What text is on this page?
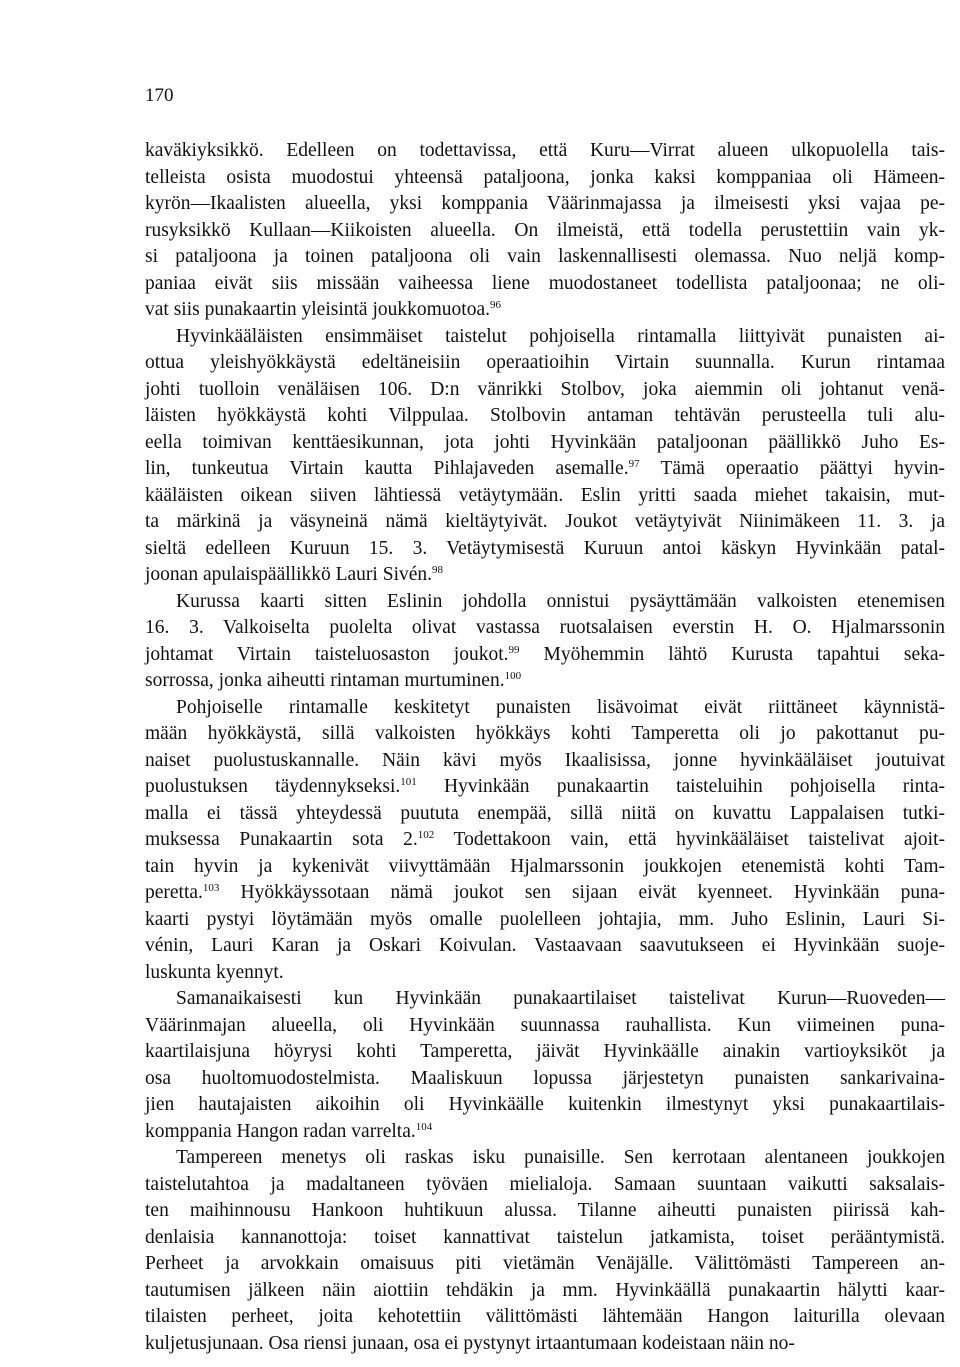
170

kaväkiyksikkö. Edelleen on todettavissa, että Kuru—Virrat alueen ulkopuolella tais-
telleista osista muodostui yhteensä pataljoona, jonka kaksi komppaniaa oli Hämeen-
kyrön—Ikaalisten alueella, yksi komppania Väärinmajassa ja ilmeisesti yksi vajaa pe-
rusyksikkö Kullaan—Kiikoisten alueella. On ilmeistä, että todella perustettiin vain yk-
si pataljoona ja toinen pataljoona oli vain laskennallisesti olemassa. Nuo neljä komp-
paniaa eivät siis missään vaiheessa liene muodostaneet todellista pataljoonaa; ne oli-
vat siis punakaartin yleisintä joukkomuotoa.$^{96}$

Hyvinkääläisten ensimmäiset taistelut pohjoisella rintamalla liittyivät punaisten ai-
ottua yleishyökkäystä edeltäneisiin operaatioihin Virtain suunnalla. Kurun rintamaa
johti tuolloin venäläisen 106. D:n vänrikki Stolbov, joka aiemmin oli johtanut venä-
läisten hyökkäystä kohti Vilppulaa. Stolbovin antaman tehtävän perusteella tuli alu-
eella toimivan kenttäesikunnan, jota johti Hyvinkään pataljoonan päällikkö Juho Es-
lin, tunkeutua Virtain kautta Pihlajaveden asemalle.$^{97}$ Tämä operaatio päättyi hyvin-
kääläisten oikean siiven lähtiessä vetäytymään. Eslin yritti saada miehet takaisin, mut-
ta märkinä ja väsyneinä nämä kieltäytyivät. Joukot vetäytyivät Niinimäkeen 11. 3. ja
sieltä edelleen Kuruun 15. 3. Vetäytymisestä Kuruun antoi käskyn Hyvinkään patal-
joonan apulaispäällikkö Lauri Sivén.$^{98}$

Kurussa kaarti sitten Eslinin johdolla onnistui pysäyttämään valkoisten etenemisen
16. 3. Valkoiselta puolelta olivat vastassa ruotsalaisen everstin H. O. Hjalmarssonin
johtamat Virtain taisteluosaston joukot.$^{99}$ Myöhemmin lähtö Kurusta tapahtui seka-
sorrossa, jonka aiheutti rintaman murtuminen.$^{100}$

Pohjoiselle rintamalle keskitetyt punaisten lisävoimat eivät riittäneet käynnistä-
mään hyökkäystä, sillä valkoisten hyökkäys kohti Tamperetta oli jo pakottanut pu-
naiset puolustuskannalle. Näin kävi myös Ikaalisissa, jonne hyvinkääläiset joutuivat
puolustuksen täydennykseksi.$^{101}$ Hyvinkään punakaartin taisteluihin pohjoisella rinta-
malla ei tässä yhteydessä puututa enempää, sillä niitä on kuvattu Lappalaisen tutki-
muksessa Punakaartin sota 2.$^{102}$ Todettakoon vain, että hyvinkääläiset taistelivat ajoit-
tain hyvin ja kykenivät viivyttämään Hjalmarssonin joukkojen etenemistä kohti Tam-
peretta.$^{103}$ Hyökkäyssotaan nämä joukot sen sijaan eivät kyenneet. Hyvinkään puna-
kaarti pystyi löytämään myös omalle puolelleen johtajia, mm. Juho Eslinin, Lauri Si-
vénin, Lauri Karan ja Oskari Koivulan. Vastaavaan saavutukseen ei Hyvinkään suoje-
luskunta kyennyt.

Samanaikaisesti kun Hyvinkään punakaartilaiset taistelivat Kurun—Ruoveden—
Väärinmajan alueella, oli Hyvinkään suunnassa rauhallista. Kun viimeinen puna-
kaartilaisjuna höyrysi kohti Tamperetta, jäivät Hyvinkäälle ainakin vartioyksiköt ja
osa huoltomuodostelmista. Maaliskuun lopussa järjestetyn punaisten sankarivaina-
jien hautajaisten aikoihin oli Hyvinkäälle kuitenkin ilmestynyt yksi punakaartilais-
komppania Hangon radan varrelta.$^{104}$

Tampereen menetys oli raskas isku punaisille. Sen kerrotaan alentaneen joukkojen
taistelutahtoa ja madaltaneen työväen mielialoja. Samaan suuntaan vaikutti saksalais-
ten maihinnousu Hankoon huhtikuun alussa. Tilanne aiheutti punaisten piirissä kah-
denlaisia kannanottoja: toiset kannattivat taistelun jatkamista, toiset perääntymistä.
Perheet ja arvokkain omaisuus piti vietämän Venäjälle. Välittömästi Tampereen an-
tautumisen jälkeen näin aiottiin tehdäkin ja mm. Hyvinkäällä punakaartin hälytti kaar-
tilaisten perheet, joita kehotettiin välittömästi lähtemään Hangon laiturilla olevaan
kuljetusjunaan. Osa riensi junaan, osa ei pystynyt irtaantumaan kodeistaan näin no-
